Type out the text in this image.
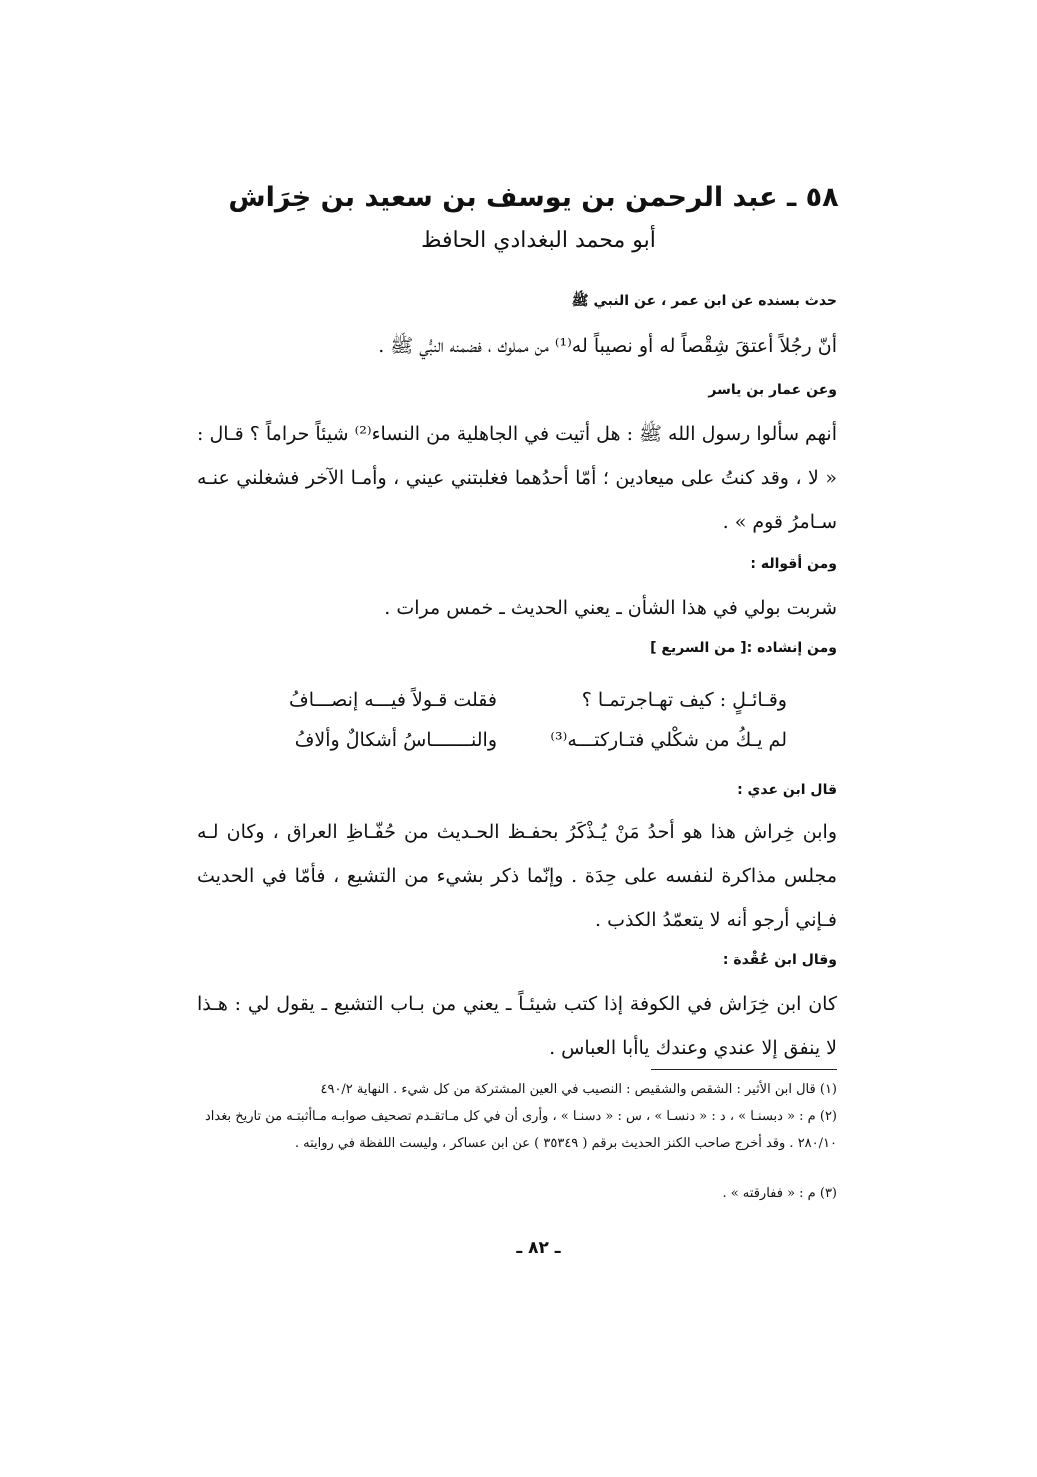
٥٨ ـ عبد الرحمن بن يوسف بن سعيد بن خِرَاش
أبو محمد البغدادي الحافظ
حدث بسنده عن ابن عمر ، عن النبي ﷺ
أنّ رجُلاً أعتقَ شِقْصاً له أو نصيباً له⁽¹⁾ من مملوك ، فضمنه النبُّي ﷺ .
وعن عمار بن ياسر
أنهم سألوا رسول الله ﷺ : هل أتيت في الجاهلية من النساء⁽²⁾ شيئاً حراماً ؟ قـال : « لا ، وقد كنتُ على ميعادين ؛ أمّا أحدُهما فغلبتني عيني ، وأمـا الآخر فشغلني عنـه سـامرُ قوم » .
ومن أقواله :
شربت بولي في هذا الشأن ـ يعني الحديث ـ خمس مرات .
ومن إنشاده :[ من السريع ]
وقـائـلٍ : كيف تهـاجرتمـا ؟
فقلت قـولاً فيـــه إنصـــافُ
لم يـكُ من شكْلي فتـاركتـــه⁽³⁾
والنـــــــاسُ أشكالٌ وألافُ
قال ابن عدي :
وابن خِراش هذا هو أحدُ مَنْ يُـذْكَرُ بحفـظ الحـديث من حُفّـاظِ العراق ، وكان لـه مجلس مذاكرة لنفسه على حِدَة . وإنّما ذكر بشيء من التشيع ، فأمّا في الحديث فـإني أرجو أنه لا يتعمّدُ الكذب .
وقال ابن عُقْدة :
كان ابن خِرَاش في الكوفة إذا كتب شيئـاً ـ يعني من بـاب التشيع ـ يقول لي : هـذا لا ينفق إلا عندي وعندك ياأبا العباس .
(١) قال ابن الأثير : الشقص والشقيص : النصيب في العين المشتركة من كل شيء . النهاية ٤٩٠/٢
(٢) م : « دبسنـا » ، د : « دنسـا » ، س : « دسنـا » ، وأرى أن في كل مـاتقـدم تصحيف صوابـه مـاأثبتـه من تاريخ بغداد ٢٨٠/١٠ . وقد أخرج صاحب الكنز الحديث برقم ( ٣٥٣٤٩ ) عن ابن عساكر ، وليست اللفظة في روايته .
(٣) م : « ففارقته » .
ـ ٨٢ ـ
